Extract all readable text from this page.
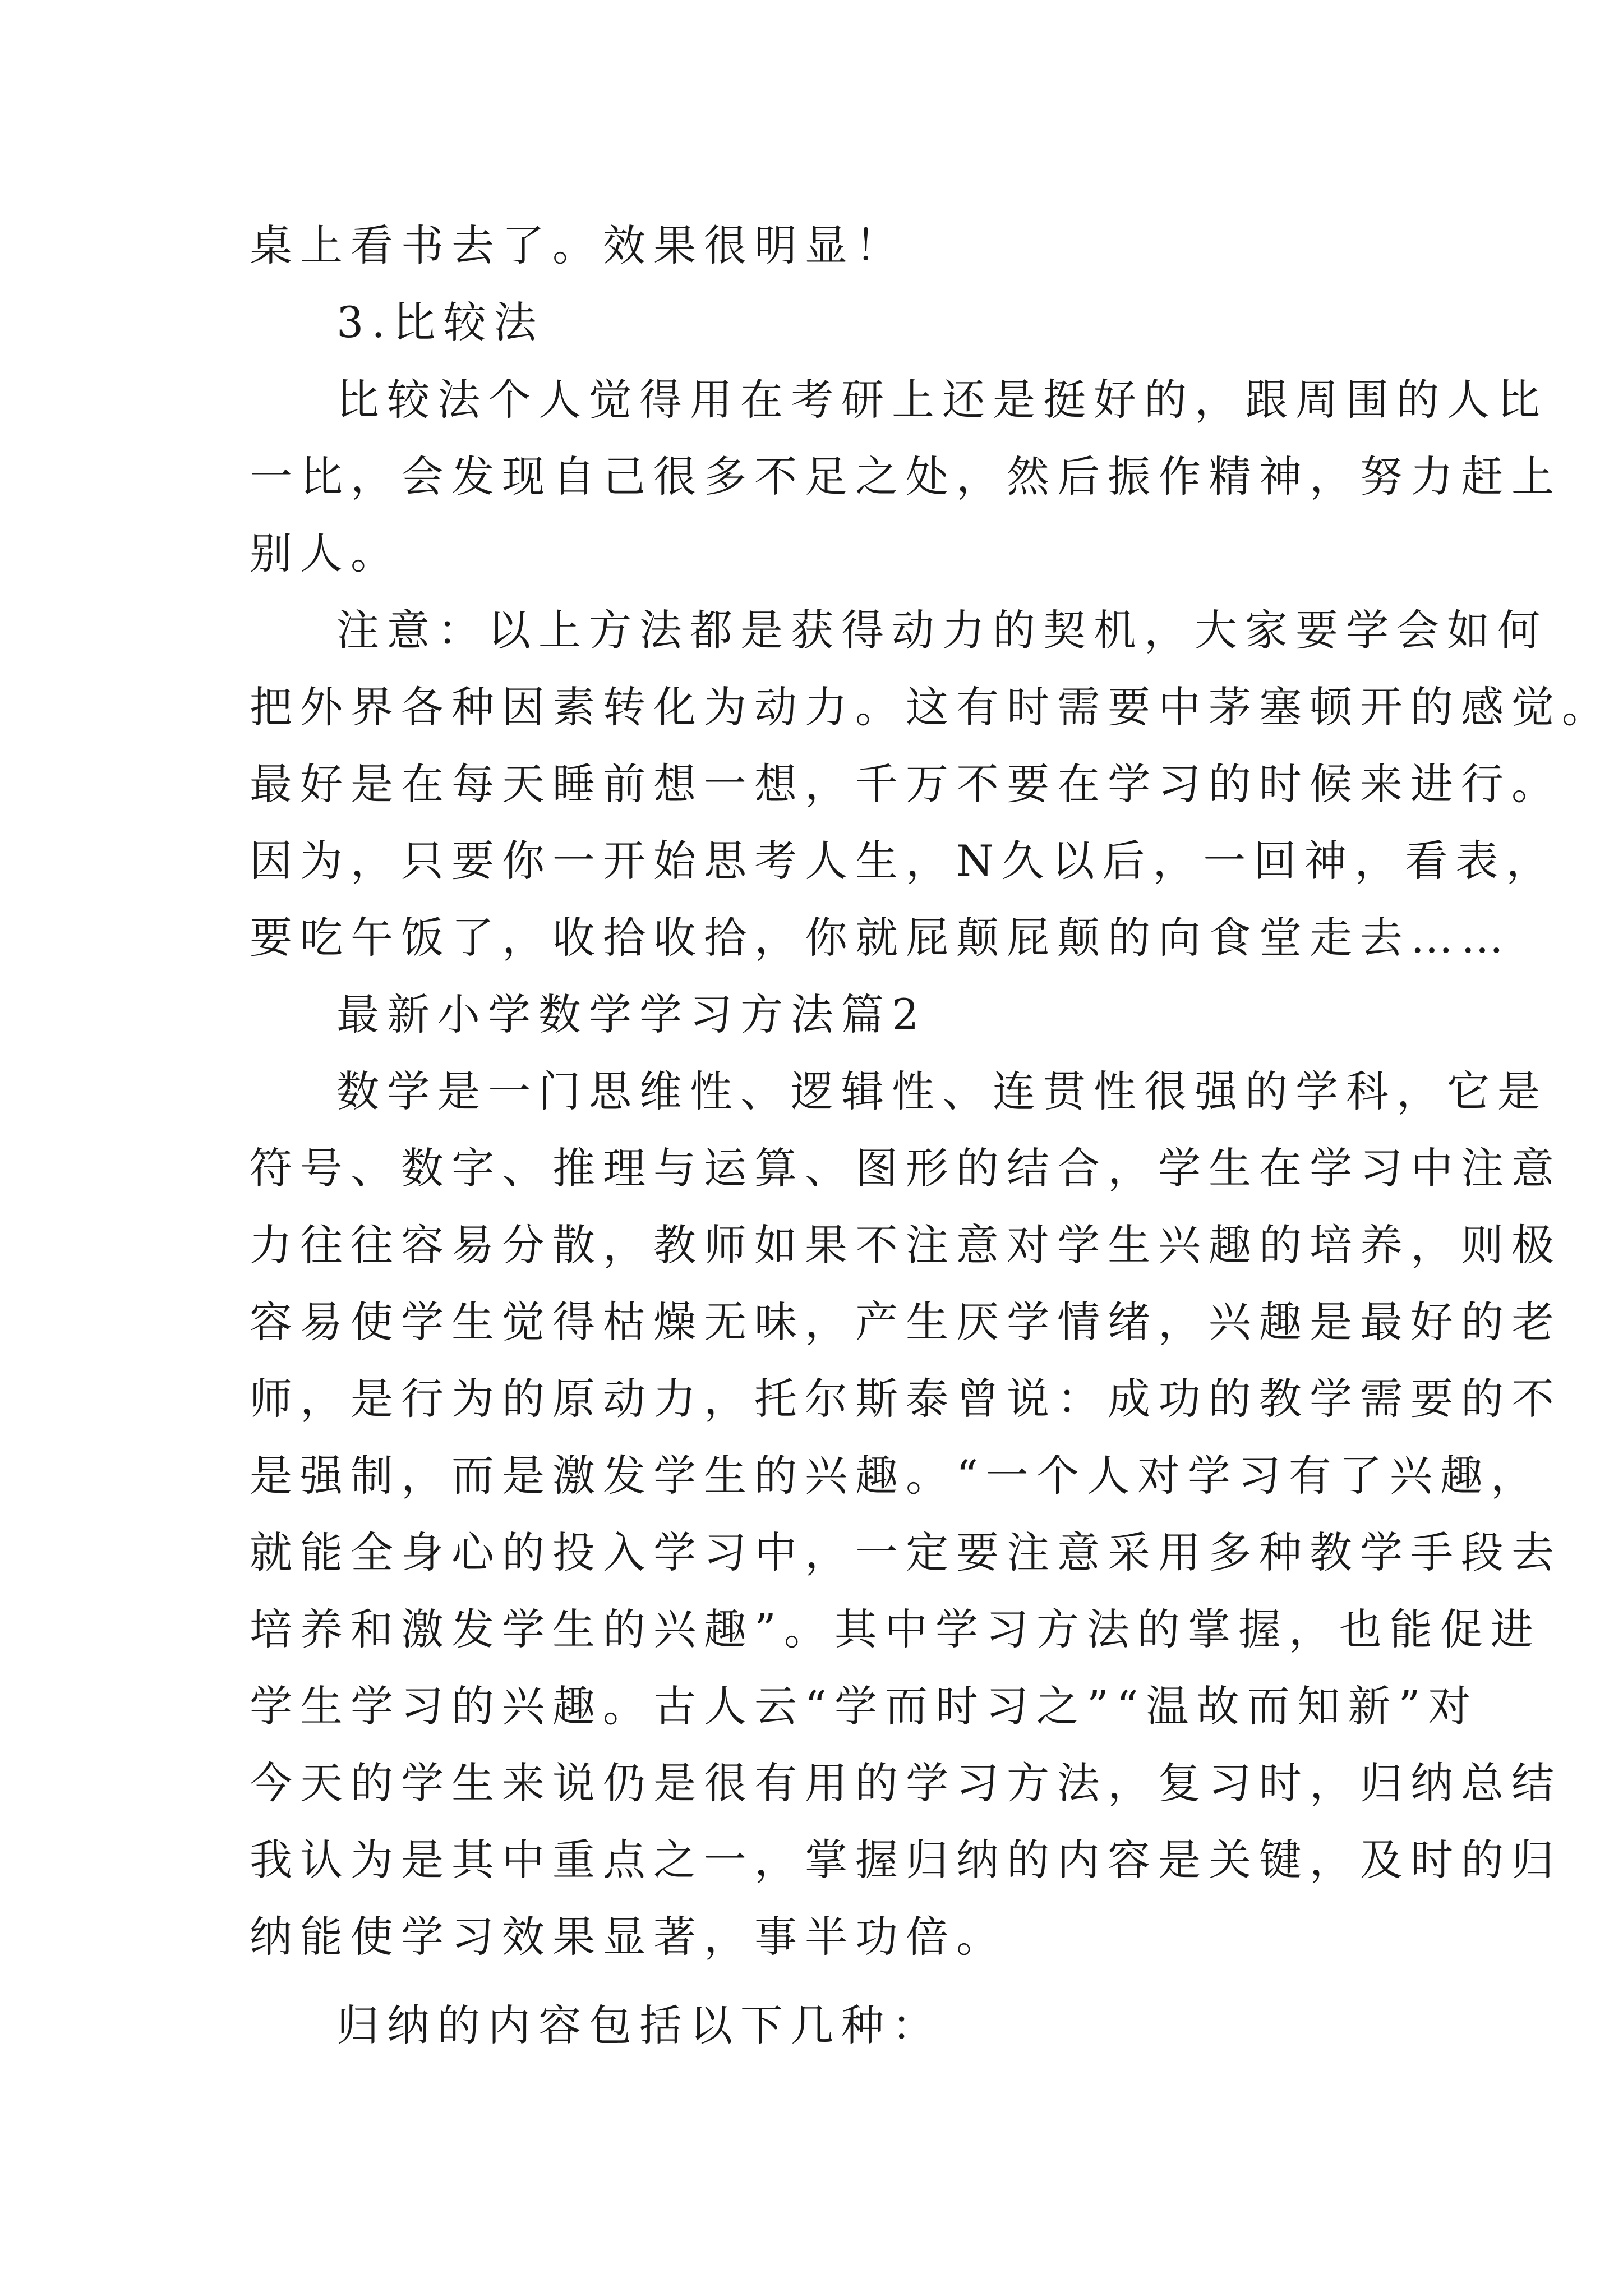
桌上看书去了。效果很明显！

3.比较法

比较法个人觉得用在考研上还是挺好的，跟周围的人比

一比，会发现自己很多不足之处，然后振作精神，努力赶上

别人。

注意：以上方法都是获得动力的契机，大家要学会如何

把外界各种因素转化为动力。这有时需要中茅塞顿开的感觉。

最好是在每天睡前想一想，千万不要在学习的时候来进行。

因为，只要你一开始思考人生，N久以后，一回神，看表，

要吃午饭了，收拾收拾，你就屁颠屁颠的向食堂走去……

最新小学数学学习方法篇2

数学是一门思维性、逻辑性、连贯性很强的学科，它是

符号、数字、推理与运算、图形的结合，学生在学习中注意

力往往容易分散，教师如果不注意对学生兴趣的培养，则极

容易使学生觉得枯燥无味，产生厌学情绪，兴趣是最好的老

师，是行为的原动力，托尔斯泰曾说：成功的教学需要的不

是强制，而是激发学生的兴趣。“一个人对学习有了兴趣，

就能全身心的投入学习中，一定要注意采用多种教学手段去

培养和激发学生的兴趣”。其中学习方法的掌握，也能促进

学生学习的兴趣。古人云“学而时习之”“温故而知新”对

今天的学生来说仍是很有用的学习方法，复习时，归纳总结

我认为是其中重点之一，掌握归纳的内容是关键，及时的归

纳能使学习效果显著，事半功倍。

归纳的内容包括以下几种：
